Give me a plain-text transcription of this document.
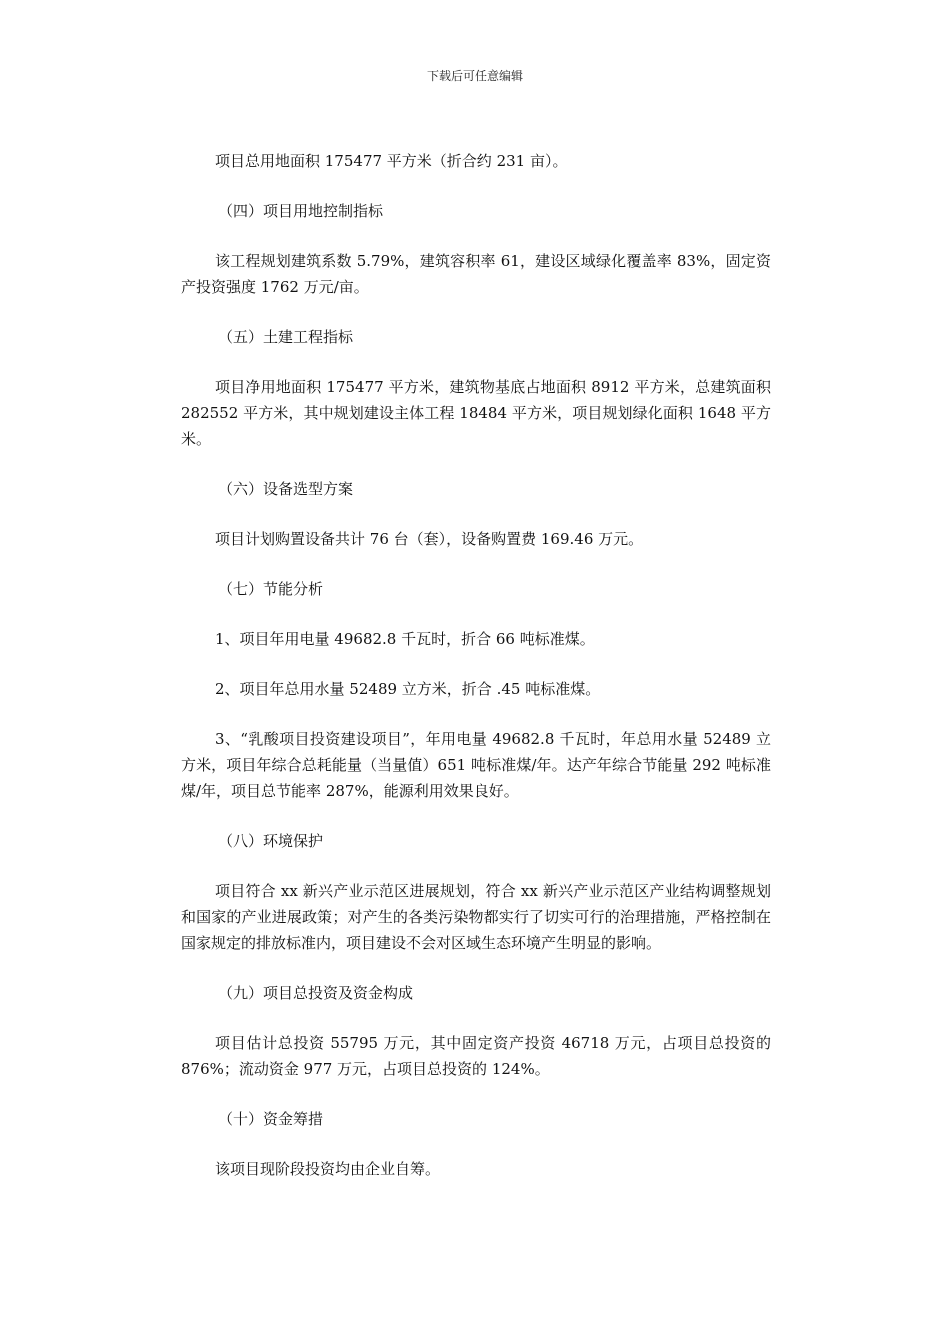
下载后可任意编辑

项目总用地面积 175477 平方米（折合约 231 亩）。

（四）项目用地控制指标

该工程规划建筑系数 5.79%，建筑容积率 61，建设区域绿化覆盖率 83%，固定资产投资强度 1762 万元/亩。

（五）土建工程指标

项目净用地面积 175477 平方米，建筑物基底占地面积 8912 平方米，总建筑面积 282552 平方米，其中规划建设主体工程 18484 平方米，项目规划绿化面积 1648 平方米。

（六）设备选型方案

项目计划购置设备共计 76 台（套），设备购置费 169.46 万元。

（七）节能分析

1、项目年用电量 49682.8 千瓦时，折合 66 吨标准煤。

2、项目年总用水量 52489 立方米，折合 .45 吨标准煤。

3、“乳酸项目投资建设项目”，年用电量 49682.8 千瓦时，年总用水量 52489 立方米，项目年综合总耗能量（当量值）651 吨标准煤/年。达产年综合节能量 292 吨标准煤/年，项目总节能率 287%，能源利用效果良好。

（八）环境保护

项目符合 xx 新兴产业示范区进展规划，符合 xx 新兴产业示范区产业结构调整规划和国家的产业进展政策；对产生的各类污染物都实行了切实可行的治理措施，严格控制在国家规定的排放标准内，项目建设不会对区域生态环境产生明显的影响。

（九）项目总投资及资金构成

项目估计总投资 55795 万元，其中固定资产投资 46718 万元，占项目总投资的 876%；流动资金 977 万元，占项目总投资的 124%。

（十）资金筹措

该项目现阶段投资均由企业自筹。
